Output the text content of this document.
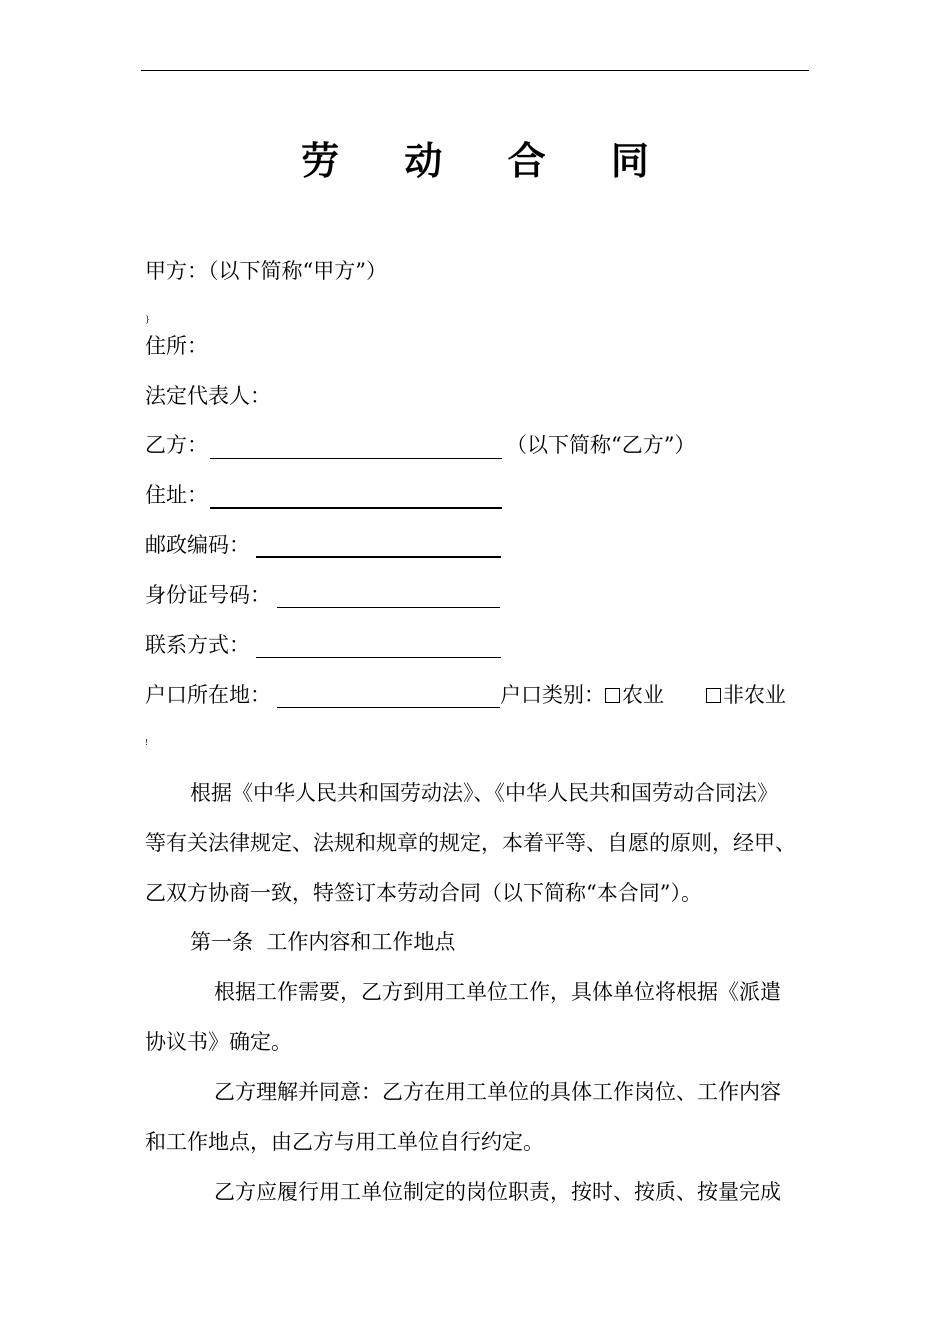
劳 动 合 同
甲方：（以下简称“甲方”）
}
住所：
法定代表人：
乙方：	（以下简称“乙方”）
住址：
邮政编码：
身份证号码：
联系方式：
户口所在地：	户口类别： 农业	非农业
!
根据《中华人民共和国劳动法》、《中华人民共和国劳动合同法》
等有关法律规定、法规和规章的规定，本着平等、自愿的原则，经甲、
乙双方协商一致，特签订本劳动合同（以下简称“本合同”）。
第一条  工作内容和工作地点
根据工作需要，乙方到用工单位工作，具体单位将根据《派遣
协议书》确定。
乙方理解并同意：乙方在用工单位的具体工作岗位、工作内容
和工作地点，由乙方与用工单位自行约定。
乙方应履行用工单位制定的岗位职责，按时、按质、按量完成
